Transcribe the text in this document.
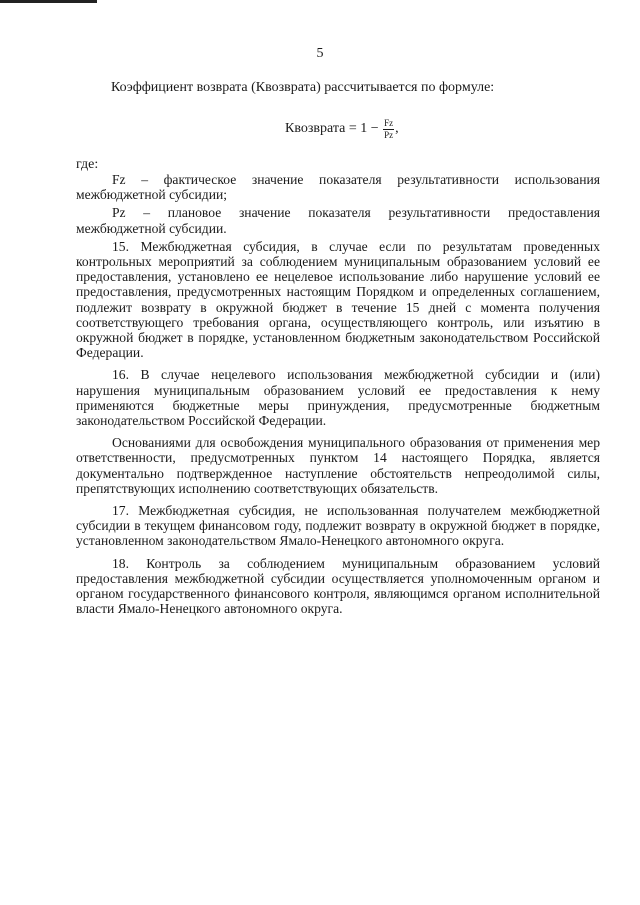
5
Коэффициент возврата (Квозврата) рассчитывается по формуле:
Квозврата = 1 −
$\frac{Fz}{Pz}$ ,
где:

Fz – фактическое значение показателя результативности использования межбюджетной субсидии;

Pz – плановое значение показателя результативности предоставления межбюджетной субсидии.

15. Межбюджетная субсидия, в случае если по результатам проведенных контрольных мероприятий за соблюдением муниципальным образованием условий ее предоставления, установлено ее нецелевое использование либо нарушение условий ее предоставления, предусмотренных настоящим Порядком и определенных соглашением, подлежит возврату в окружной бюджет в течение 15 дней с момента получения соответствующего требования органа, осуществляющего контроль, или изъятию в окружной бюджет в порядке, установленном бюджетным законодательством Российской Федерации.

16. В случае нецелевого использования межбюджетной субсидии и (или) нарушения муниципальным образованием условий ее предоставления к нему применяются бюджетные меры принуждения, предусмотренные бюджетным законодательством Российской Федерации.

Основаниями для освобождения муниципального образования от применения мер ответственности, предусмотренных пунктом 14 настоящего Порядка, является документально подтвержденное наступление обстоятельств непреодолимой силы, препятствующих исполнению соответствующих обязательств.

17. Межбюджетная субсидия, не использованная получателем межбюджетной субсидии в текущем финансовом году, подлежит возврату в окружной бюджет в порядке, установленном законодательством Ямало-Ненецкого автономного округа.

18. Контроль за соблюдением муниципальным образованием условий предоставления межбюджетной субсидии осуществляется уполномоченным органом и органом государственного финансового контроля, являющимся органом исполнительной власти Ямало-Ненецкого автономного округа.
